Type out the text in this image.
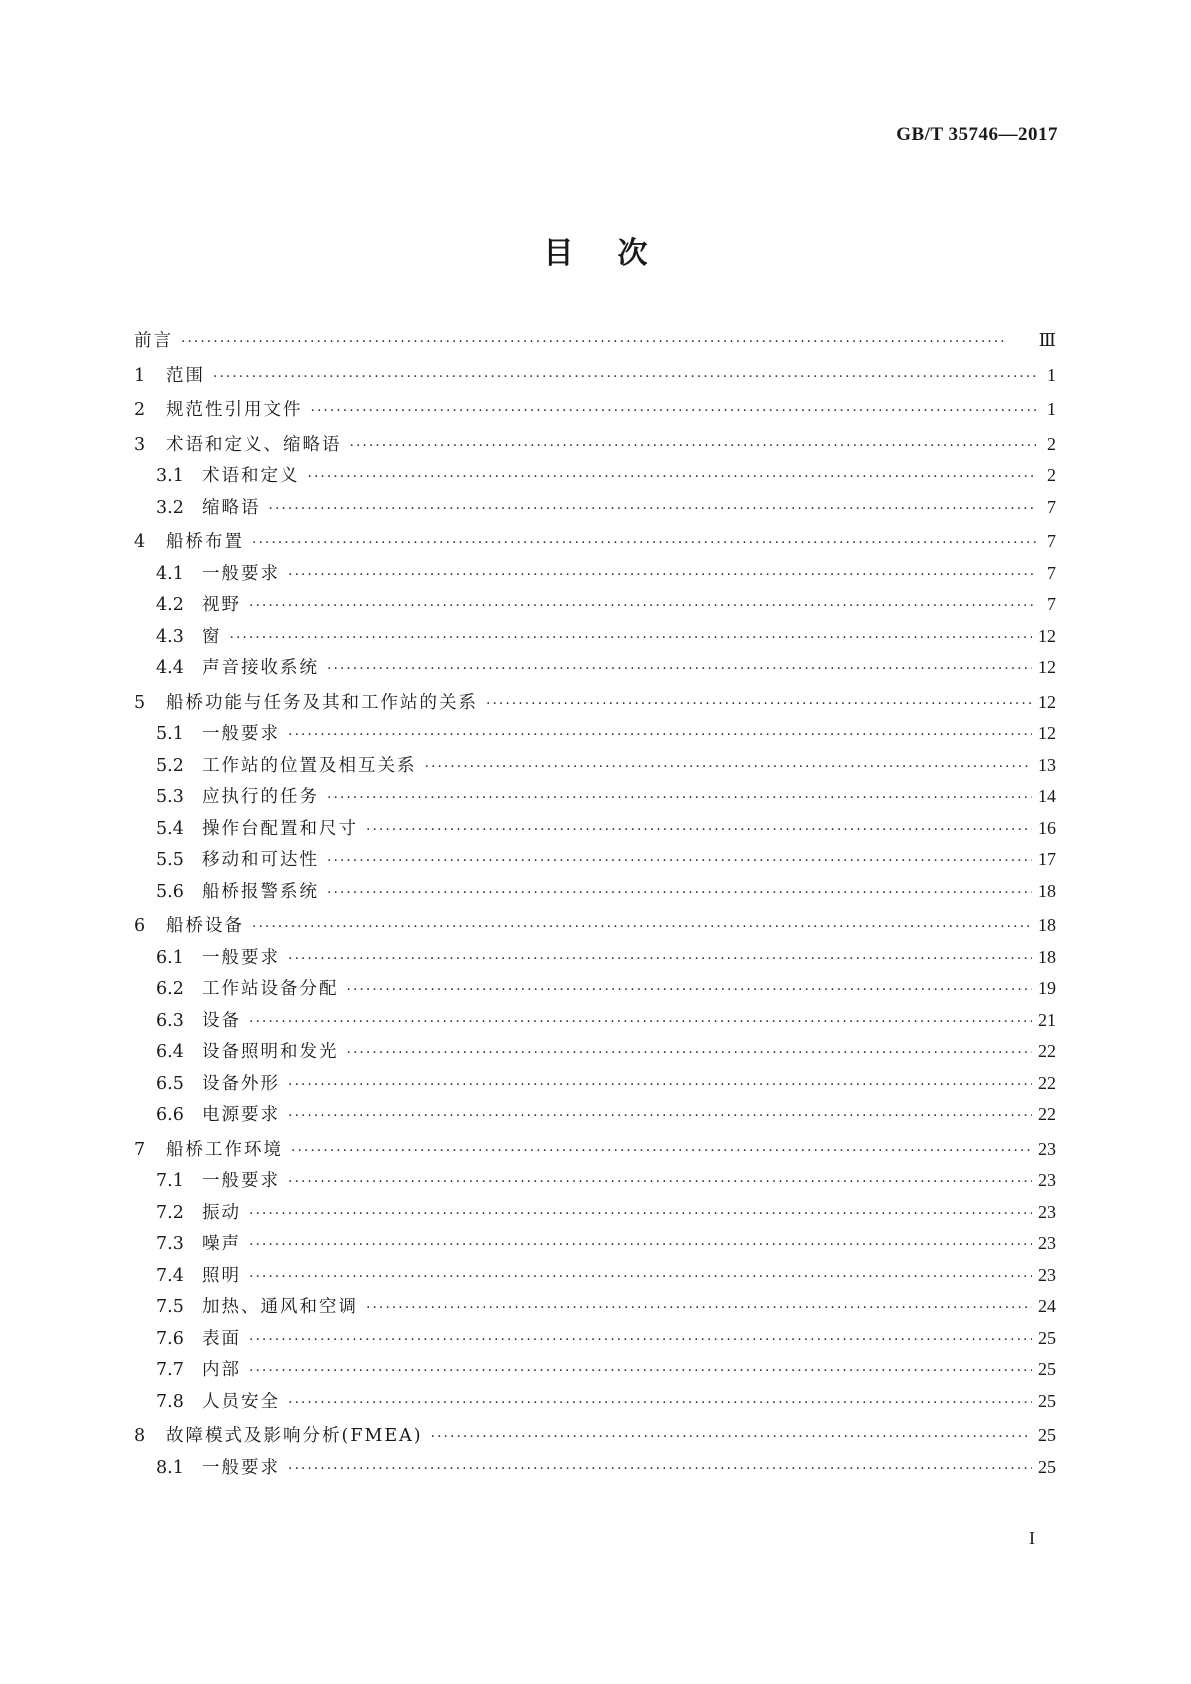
GB/T 35746—2017
目次
前言 ·····	Ⅲ
1	范围 ·····	1
2	规范性引用文件 ·····	1
3	术语和定义、缩略语 ·····	2
3.1	术语和定义 ·····	2
3.2	缩略语 ·····	7
4	船桥布置 ·····	7
4.1	一般要求 ·····	7
4.2	视野 ·····	7
4.3	窗 ·····	12
4.4	声音接收系统 ·····	12
5	船桥功能与任务及其和工作站的关系 ·····	12
5.1	一般要求 ·····	12
5.2	工作站的位置及相互关系 ·····	13
5.3	应执行的任务 ·····	14
5.4	操作台配置和尺寸 ·····	16
5.5	移动和可达性 ·····	17
5.6	船桥报警系统 ·····	18
6	船桥设备 ·····	18
6.1	一般要求 ·····	18
6.2	工作站设备分配 ·····	19
6.3	设备 ·····	21
6.4	设备照明和发光 ·····	22
6.5	设备外形 ·····	22
6.6	电源要求 ·····	22
7	船桥工作环境 ·····	23
7.1	一般要求 ·····	23
7.2	振动 ·····	23
7.3	噪声 ·····	23
7.4	照明 ·····	23
7.5	加热、通风和空调 ·····	24
7.6	表面 ·····	25
7.7	内部 ·····	25
7.8	人员安全 ·····	25
8	故障模式及影响分析(FMEA) ·····	25
8.1	一般要求 ·····	25
I
